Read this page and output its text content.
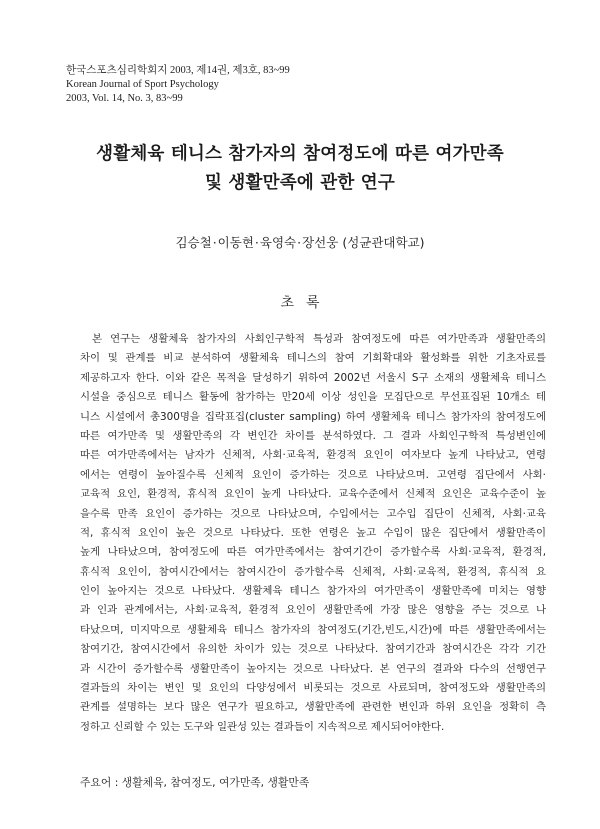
한국스포츠심리학회지 2003, 제14권, 제3호, 83~99
Korean Journal of Sport Psychology
2003, Vol. 14, No. 3, 83~99
생활체육 테니스 참가자의 참여정도에 따른 여가만족
및 생활만족에 관한 연구
김승철·이동현·육영숙·장선웅 (성균관대학교)
초록
본 연구는 생활체육 참가자의 사회인구학적 특성과 참여정도에 따른 여가만족과 생활만족의
차이 및 관계를 비교 분석하여 생활체육 테니스의 참여 기회확대와 활성화를 위한 기초자료를
제공하고자 한다. 이와 같은 목적을 달성하기 위하여 2002년 서울시 S구 소재의 생활체육 테니스
시설을 중심으로 테니스 활동에 참가하는 만20세 이상 성인을 모집단으로 무선표집된 10개소 테
니스 시설에서 총300명을 집락표집(cluster sampling) 하여 생활체육 테니스 참가자의 참여정도에
따른 여가만족 및 생활만족의 각 변인간 차이를 분석하였다. 그 결과 사회인구학적 특성변인에
따른 여가만족에서는 남자가 신체적, 사회·교육적, 환경적 요인이 여자보다 높게 나타났고, 연령
에서는 연령이 높아질수록 신체적 요인이 증가하는 것으로 나타났으며. 고연령 집단에서 사회·
교육적 요인, 환경적, 휴식적 요인이 높게 나타났다. 교육수준에서 신체적 요인은 교육수준이 높
을수록 만족 요인이 증가하는 것으로 나타났으며, 수입에서는 고수입 집단이 신체적, 사회·교육
적, 휴식적 요인이 높은 것으로 나타났다. 또한 연령은 높고 수입이 많은 집단에서 생활만족이
높게 나타났으며, 참여정도에 따른 여가만족에서는 참여기간이 증가할수록 사회·교육적, 환경적,
휴식적 요인이, 참여시간에서는 참여시간이 증가할수록 신체적, 사회·교육적, 환경적, 휴식적 요
인이 높아지는 것으로 나타났다. 생활체육 테니스 참가자의 여가만족이 생활만족에 미치는 영향
과 인과 관계에서는, 사회·교육적, 환경적 요인이 생활만족에 가장 많은 영향을 주는 것으로 나
타났으며, 미지막으로 생활체육 테니스 참가자의 참여정도(기간,빈도,시간)에 따른 생활만족에서는
참여기간, 참여시간에서 유의한 차이가 있는 것으로 나타났다. 참여기간과 참여시간은 각각 기간
과 시간이 증가할수록 생활만족이 높아지는 것으로 나타났다. 본 연구의 결과와 다수의 선행연구
결과들의 차이는 변인 및 요인의 다양성에서 비롯되는 것으로 사료되며, 참여정도와 생활만족의
관계를 설명하는 보다 많은 연구가 필요하고, 생활만족에 관련한 변인과 하위 요인을 정확히 측
정하고 신뢰할 수 있는 도구와 일관성 있는 결과들이 지속적으로 제시되어야한다.
주요어 : 생활체육, 참여정도, 여가만족, 생활만족
